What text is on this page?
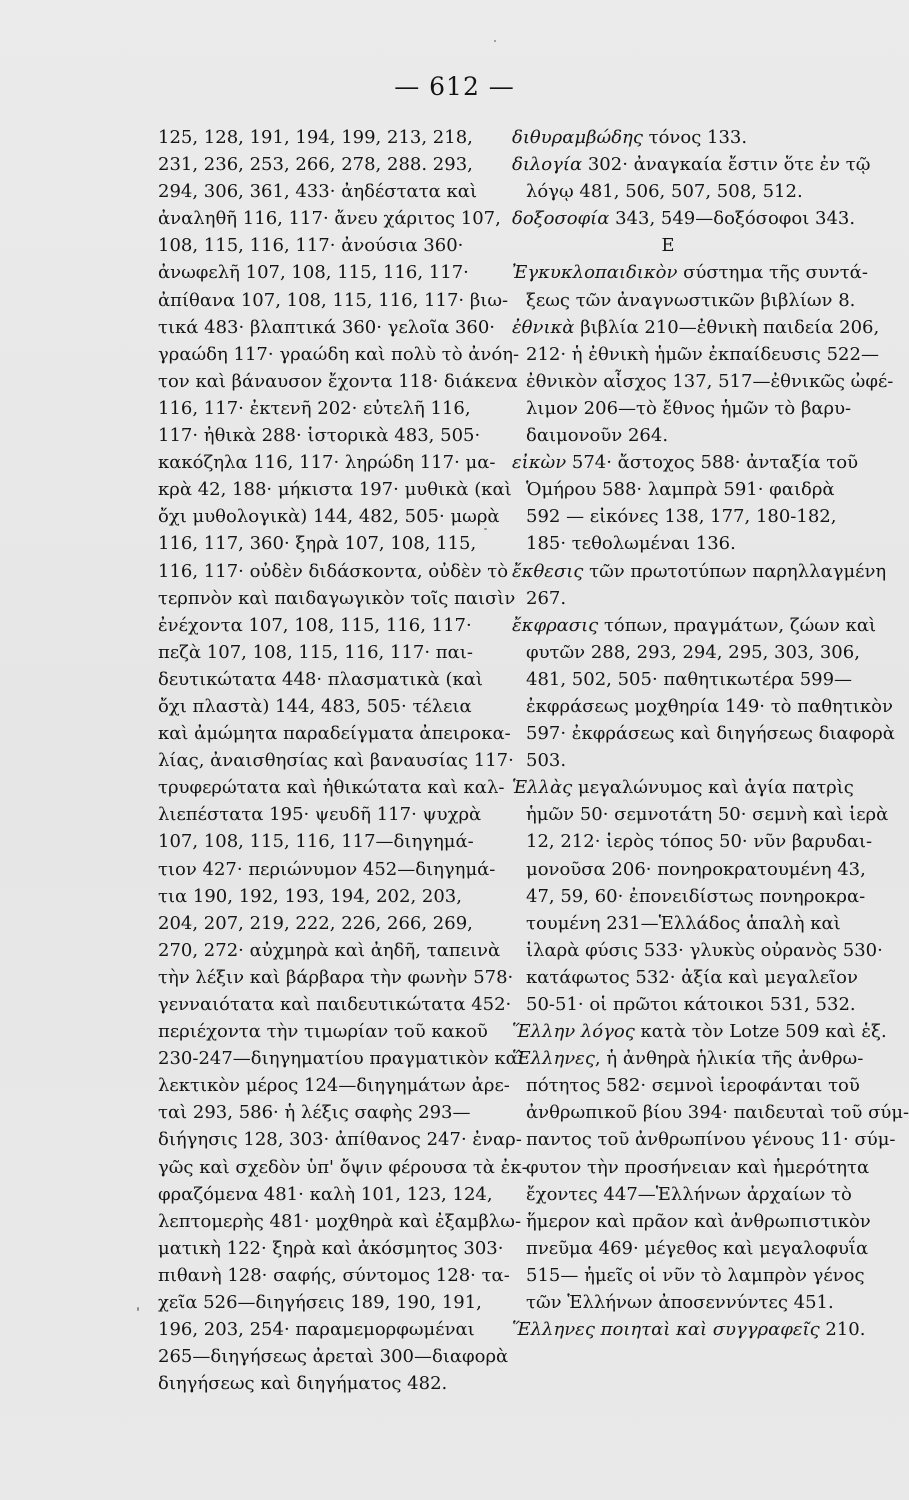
— 612 —
125, 128, 191, 194, 199, 213, 218,
231, 236, 253, 266, 278, 288. 293,
294, 306, 361, 433· ἀηδέστατα καὶ
ἀναληθῆ 116, 117· ἄνευ χάριτος 107,
108, 115, 116, 117· ἀνούσια 360·
ἀνωφελῆ 107, 108, 115, 116, 117·
ἀπίθανα 107, 108, 115, 116, 117· βιω-
τικά 483· βλαπτικά 360· γελοῖα 360·
γραώδη 117· γραώδη καὶ πολὺ τὸ ἀνόη-
τον καὶ βάναυσον ἔχοντα 118· διάκενα
116, 117· ἐκτενῆ 202· εὐτελῆ 116,
117· ἠθικὰ 288· ἱστορικὰ 483, 505·
κακόζηλα 116, 117· ληρώδη 117· μα-
κρὰ 42, 188· μήκιστα 197· μυθικὰ (καὶ
ὄχι μυθολογικὰ) 144, 482, 505· μωρὰ
116, 117, 360· ξηρὰ 107, 108, 115,
116, 117· οὐδὲν διδάσκοντα, οὐδὲν τὸ
τερπνὸν καὶ παιδαγωγικὸν τοῖς παισὶν
ἐνέχοντα 107, 108, 115, 116, 117·
πεζὰ 107, 108, 115, 116, 117· παι-
δευτικώτατα 448· πλασματικὰ (καὶ
ὄχι πλαστὰ) 144, 483, 505· τέλεια
καὶ ἀμώμητα παραδείγματα ἀπειροκα-
λίας, ἀναισθησίας καὶ βαναυσίας 117·
τρυφερώτατα καὶ ἠθικώτατα καὶ καλ-
λιεπέστατα 195· ψευδῆ 117· ψυχρὰ
107, 108, 115, 116, 117—διηγημά-
τιον 427· περιώνυμον 452—διηγημά-
τια 190, 192, 193, 194, 202, 203,
204, 207, 219, 222, 226, 266, 269,
270, 272· αὐχμηρὰ καὶ ἀηδῆ, ταπεινὰ
τὴν λέξιν καὶ βάρβαρα τὴν φωνὴν 578·
γενναιότατα καὶ παιδευτικώτατα 452·
περιέχοντα τὴν τιμωρίαν τοῦ κακοῦ
230-247—διηγηματίου πραγματικὸν καὶ
λεκτικὸν μέρος 124—διηγημάτων ἀρε-
ταὶ 293, 586· ἡ λέξις σαφὴς 293—
διήγησις 128, 303· ἀπίθανος 247· ἐναρ-
γῶς καὶ σχεδὸν ὑπ' ὄψιν φέρουσα τὰ ἐκ-
φραζόμενα 481· καλὴ 101, 123, 124,
λεπτομερὴς 481· μοχθηρὰ καὶ ἐξαμβλω-
ματικὴ 122· ξηρὰ καὶ ἀκόσμητος 303·
πιθανὴ 128· σαφής, σύντομος 128· τα-
χεῖα 526—διηγήσεις 189, 190, 191,
196, 203, 254· παραμεμορφωμέναι
265—διηγήσεως ἀρεταὶ 300—διαφορὰ
διηγήσεως καὶ διηγήματος 482.
διθυραμβώδης τόνος 133.
διλογία 302· ἀναγκαία ἔστιν ὅτε ἐν τῷ
λόγῳ 481, 506, 507, 508, 512.
δοξοσοφία 343, 549—δοξόσοφοι 343.
Ε
Ἐγκυκλοπαιδικὸν σύστημα τῆς συντά-
ξεως τῶν ἀναγνωστικῶν βιβλίων 8.
ἐθνικὰ βιβλία 210—ἐθνικὴ παιδεία 206,
212· ἡ ἐθνικὴ ἡμῶν ἐκπαίδευσις 522—
ἐθνικὸν αἶσχος 137, 517—ἐθνικῶς ὠφέ-
λιμον 206—τὸ ἔθνος ἡμῶν τὸ βαρυ-
δαιμονοῦν 264.
εἰκὼν 574· ἄστοχος 588· ἀνταξία τοῦ
Ὁμήρου 588· λαμπρὰ 591· φαιδρὰ
592 — εἰκόνες 138, 177, 180-182,
185· τεθολωμέναι 136.
ἔκθεσις τῶν πρωτοτύπων παρηλλαγμένη
267.
ἔκφρασις τόπων, πραγμάτων, ζώων καὶ
φυτῶν 288, 293, 294, 295, 303, 306,
481, 502, 505· παθητικωτέρα 599—
ἐκφράσεως μοχθηρία 149· τὸ παθητικὸν
597· ἐκφράσεως καὶ διηγήσεως διαφορὰ
503.
Ἑλλὰς μεγαλώνυμος καὶ ἁγία πατρὶς
ἡμῶν 50· σεμνοτάτη 50· σεμνὴ καὶ ἱερὰ
12, 212· ἱερὸς τόπος 50· νῦν βαρυδαι-
μονοῦσα 206· πονηροκρατουμένη 43,
47, 59, 60· ἐπονειδίστως πονηροκρα-
τουμένη 231—Ἑλλάδος ἁπαλὴ καὶ
ἱλαρὰ φύσις 533· γλυκὺς οὐρανὸς 530·
κατάφωτος 532· ἀξία καὶ μεγαλεῖον
50-51· οἱ πρῶτοι κάτοικοι 531, 532.
Ἕλλην λόγος κατὰ τὸν Lotze 509 καὶ ἑξ.
Ἕλληνες, ἡ ἀνθηρὰ ἡλικία τῆς ἀνθρω-
πότητος 582· σεμνοὶ ἱεροφάνται τοῦ
ἀνθρωπικοῦ βίου 394· παιδευταὶ τοῦ σύμ-
παντος τοῦ ἀνθρωπίνου γένους 11· σύμ-
φυτον τὴν προσήνειαν καὶ ἡμερότητα
ἔχοντες 447—Ἑλλήνων ἀρχαίων τὸ
ἥμερον καὶ πρᾶον καὶ ἀνθρωπιστικὸν
πνεῦμα 469· μέγεθος καὶ μεγαλοφυΐα
515— ἡμεῖς οἱ νῦν τὸ λαμπρὸν γένος
τῶν Ἑλλήνων ἀποσεννύντες 451.
Ἕλληνες ποιηταὶ καὶ συγγραφεῖς 210.
